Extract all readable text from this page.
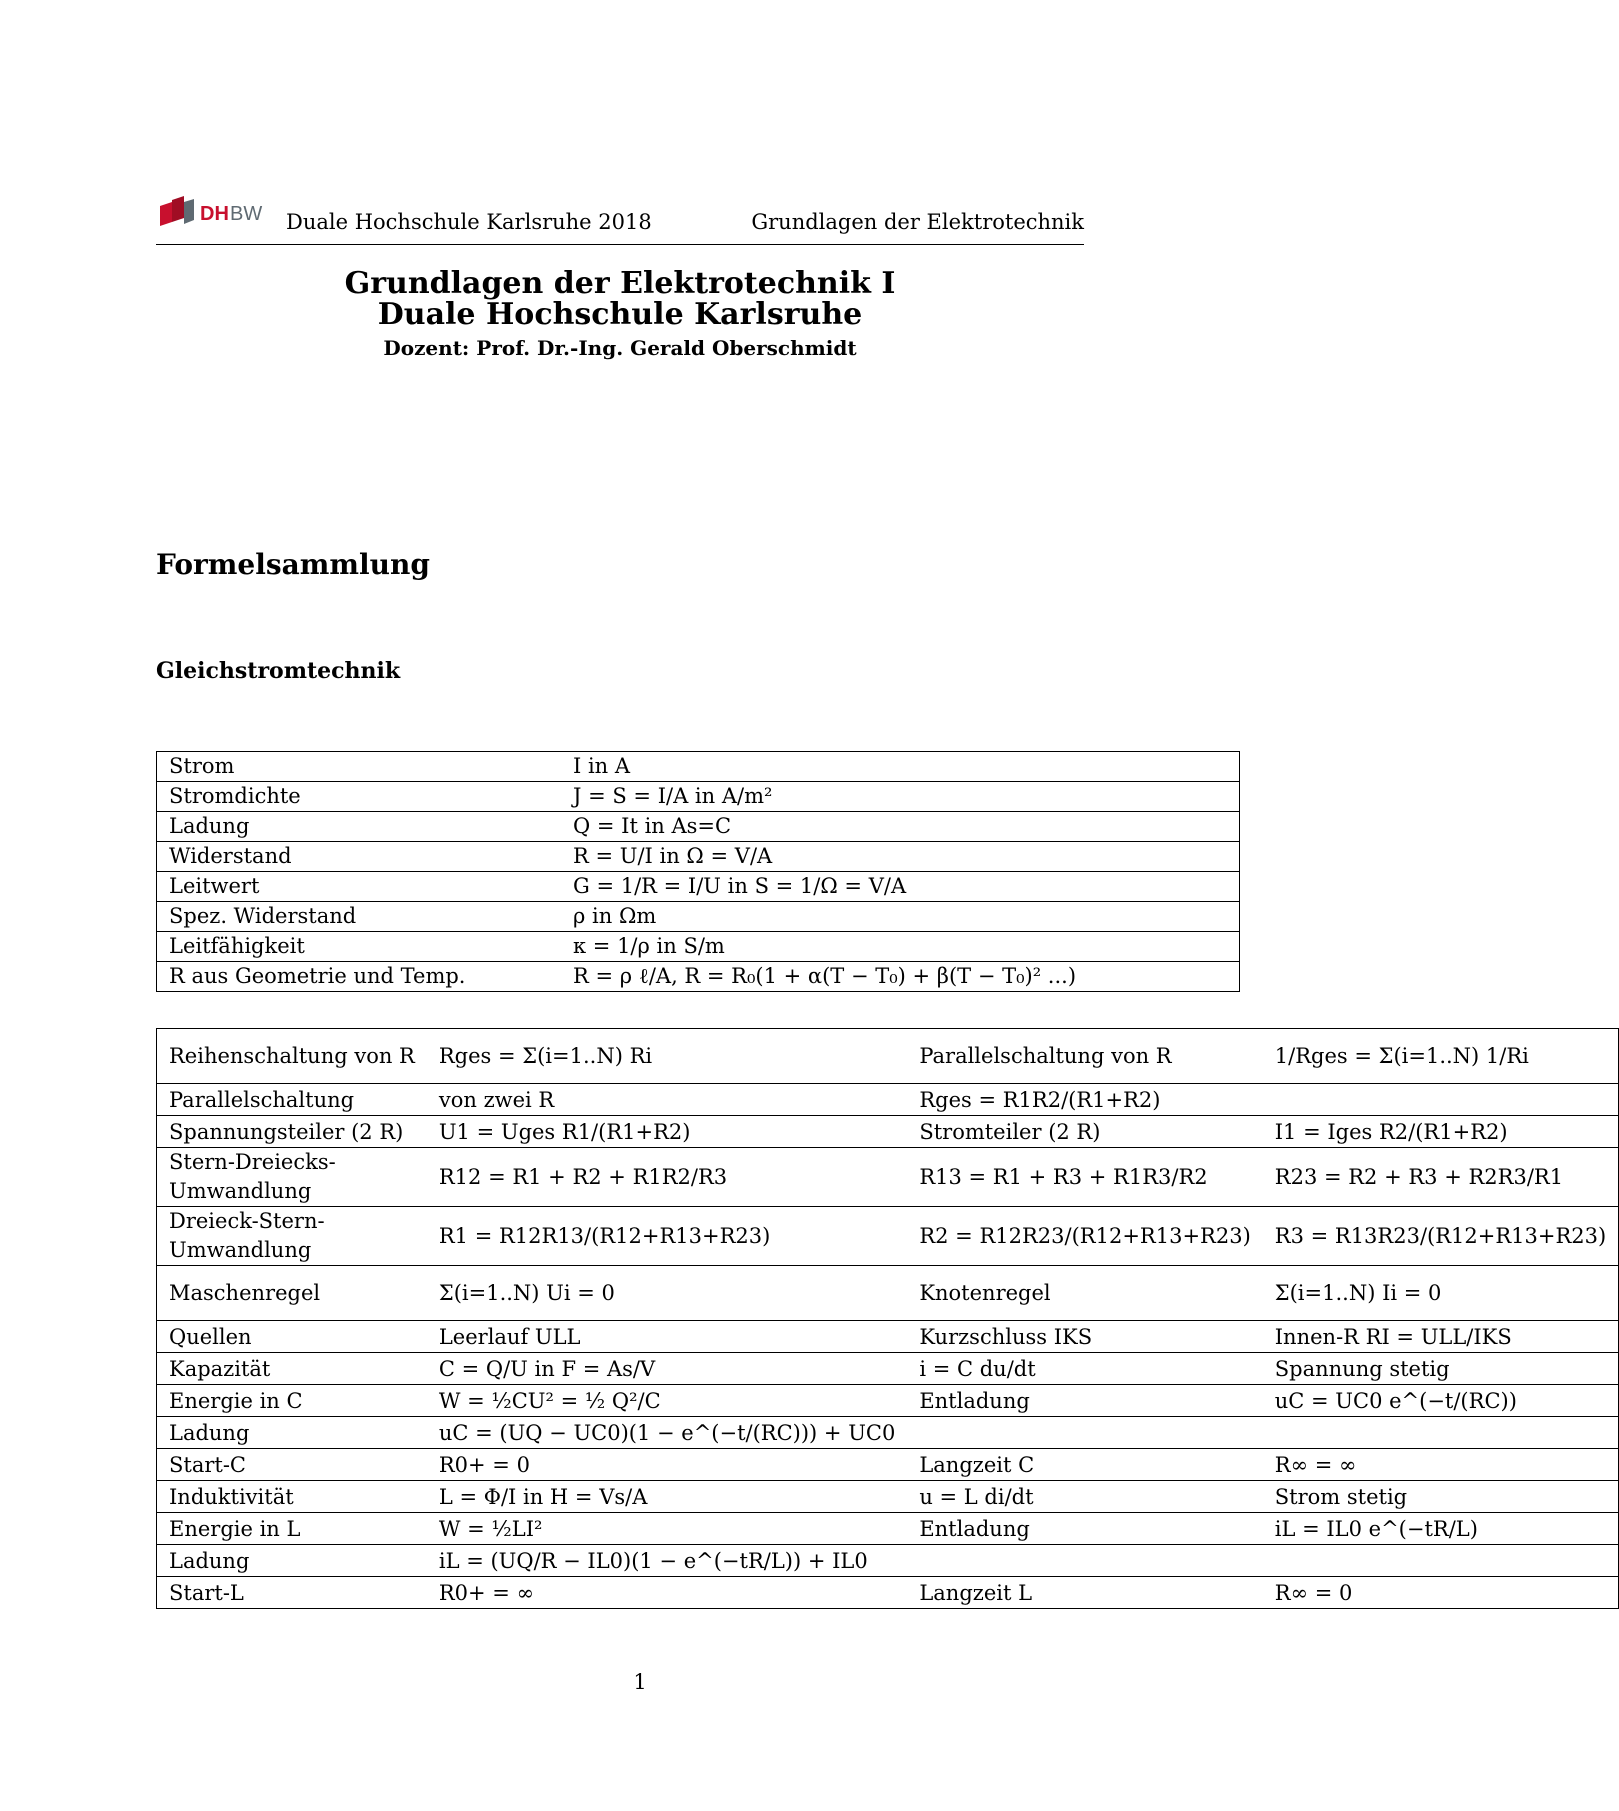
DH BW Duale Hochschule Karlsruhe 2018	Grundlagen der Elektrotechnik
Grundlagen der Elektrotechnik I
Duale Hochschule Karlsruhe
Dozent: Prof. Dr.-Ing. Gerald Oberschmidt
Formelsammlung
Gleichstromtechnik
Strom	I in A
Stromdichte	J = S = I/A in A/m²
Ladung	Q = It in As=C
Widerstand	R = U/I in Ω = V/A
Leitwert	G = 1/R = I/U in S = 1/Ω = V/A
Spez. Widerstand	ρ in Ωm
Leitfähigkeit	κ = 1/ρ in S/m
R aus Geometrie und Temp.	R = ρ ℓ/A, R = R₀(1 + α(T − T₀) + β(T − T₀)² ...)
Reihenschaltung von R	Rges = Σ(i=1..N) Ri	Parallelschaltung von R	1/Rges = Σ(i=1..N) 1/Ri
Parallelschaltung	von zwei R	Rges = R1R2/(R1+R2)	
Spannungsteiler (2 R)	U1 = Uges R1/(R1+R2)	Stromteiler (2 R)	I1 = Iges R2/(R1+R2)
Stern-Dreiecks-Umwandlung	R12 = R1 + R2 + R1R2/R3	R13 = R1 + R3 + R1R3/R2	R23 = R2 + R3 + R2R3/R1
Dreieck-Stern-Umwandlung	R1 = R12R13/(R12+R13+R23)	R2 = R12R23/(R12+R13+R23)	R3 = R13R23/(R12+R13+R23)
Maschenregel	Σ(i=1..N) Ui = 0	Knotenregel	Σ(i=1..N) Ii = 0
Quellen	Leerlauf ULL	Kurzschluss IKS	Innen-R RI = ULL/IKS
Kapazität	C = Q/U in F = As/V	i = C du/dt	Spannung stetig
Energie in C	W = ½CU² = ½ Q²/C	Entladung	uC = UC0 e^(−t/(RC))
Ladung	uC = (UQ − UC0)(1 − e^(−t/(RC))) + UC0		
Start-C	R0+ = 0	Langzeit C	R∞ = ∞
Induktivität	L = Φ/I in H = Vs/A	u = L di/dt	Strom stetig
Energie in L	W = ½LI²	Entladung	iL = IL0 e^(−tR/L)
Ladung	iL = (UQ/R − IL0)(1 − e^(−tR/L)) + IL0		
Start-L	R0+ = ∞	Langzeit L	R∞ = 0
1
